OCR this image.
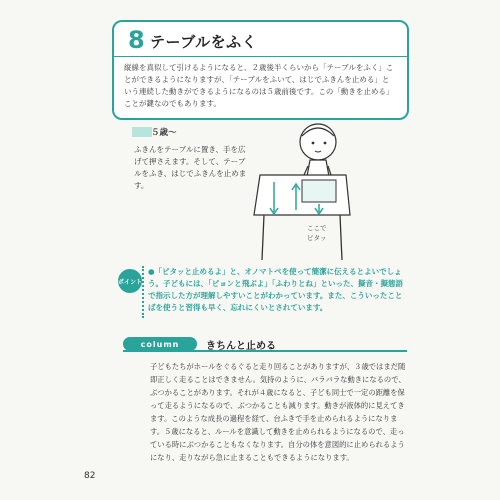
8 テーブルをふく
縦線を真似して引けるようになると、２歳後半くらいから「テーブルをふく」ことができるようになりますが、「テーブルをふいて、はじでふきんを止める」という連続した動きができるようになるのは５歳前後です。この「動きを止める」ことが鍵なのでもあります。
５歳〜
ふきんをテーブルに置き、手を広げて押さえます。そして、テーブルをふき、はじでふきんを止めます。
ここで
ピタッ
ポイント
●「ピタッと止めるよ」と、オノマトペを使って簡潔に伝えるとよいでしょう。子どもには、「ピョンと飛ぶよ」「ふわりとね」といった、擬音・擬態語で指示した方が理解しやすいことがわかっています。また、こういったことばを使うと習得も早く、忘れにくいとされています。
column	きちんと止める
子どもたちがホールをぐるぐると走り回ることがありますが、３歳ではまだ随即正しく走ることはできません。気持のように、バラバラな動きになるので、ぶつかることがあります。それが４歳になると、子ども同士で一定の距離を保って走るようになるので、ぶつかることも減ります。動きが液体的に見えてきます。このような成長の過程を経て、台ふきで手を止められるようになります。５歳になると、ルールを意識して動きを止められるようになるので、走っている時にぶつかることもなくなります。自分の体を意図的に止められるようになり、走りながら急に止まることもできるようになります。
82
